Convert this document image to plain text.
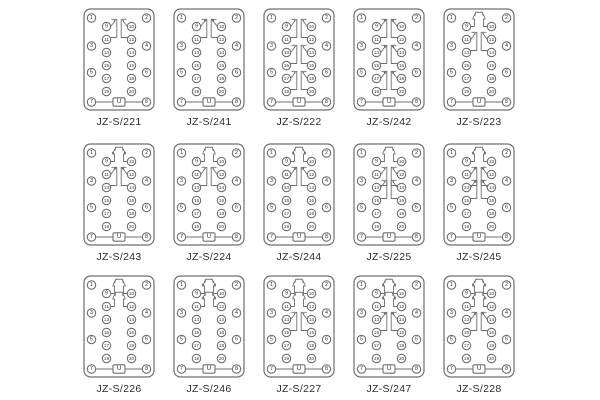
U
1
3
5
7
2
4
6
8
9
11
13
15
17
19
10
12
14
16
18
20
JZ-S/221
U
1
3
5
7
2
4
6
8
9
11
13
15
17
19
10
12
14
16
18
20
JZ-S/241
U
1
3
5
7
2
4
6
8
9
11
13
15
17
19
10
12
14
16
18
20
JZ-S/222
U
1
3
5
7
2
4
6
8
9
11
13
15
17
19
10
12
14
16
18
20
JZ-S/242
U
1
3
5
7
2
4
6
8
9
11
13
15
17
19
10
12
14
16
18
20
JZ-S/223
U
1
3
5
7
2
4
6
8
9
11
13
15
17
19
10
12
14
16
18
20
JZ-S/243
U
1
3
5
7
2
4
6
8
9
11
13
15
17
19
10
12
14
16
18
20
JZ-S/224
U
1
3
5
7
2
4
6
8
9
11
13
15
17
19
10
12
14
16
18
20
JZ-S/244
U
1
3
5
7
2
4
6
8
9
11
13
15
17
19
10
12
14
16
18
20
JZ-S/225
U
1
3
5
7
2
4
6
8
9
11
13
15
17
19
10
12
14
16
18
20
JZ-S/245
U
1
3
5
7
2
4
6
8
9
11
13
15
17
19
10
12
14
16
18
20
JZ-S/226
U
1
3
5
7
2
4
6
8
9
11
13
15
17
19
10
12
14
16
18
20
JZ-S/246
U
1
3
5
7
2
4
6
8
9
11
13
15
17
19
10
12
14
16
18
20
JZ-S/227
U
1
3
5
7
2
4
6
8
9
11
13
15
17
19
10
12
14
16
18
20
JZ-S/247
U
1
3
5
7
2
4
6
8
9
11
13
15
17
19
10
12
14
16
18
20
JZ-S/228
